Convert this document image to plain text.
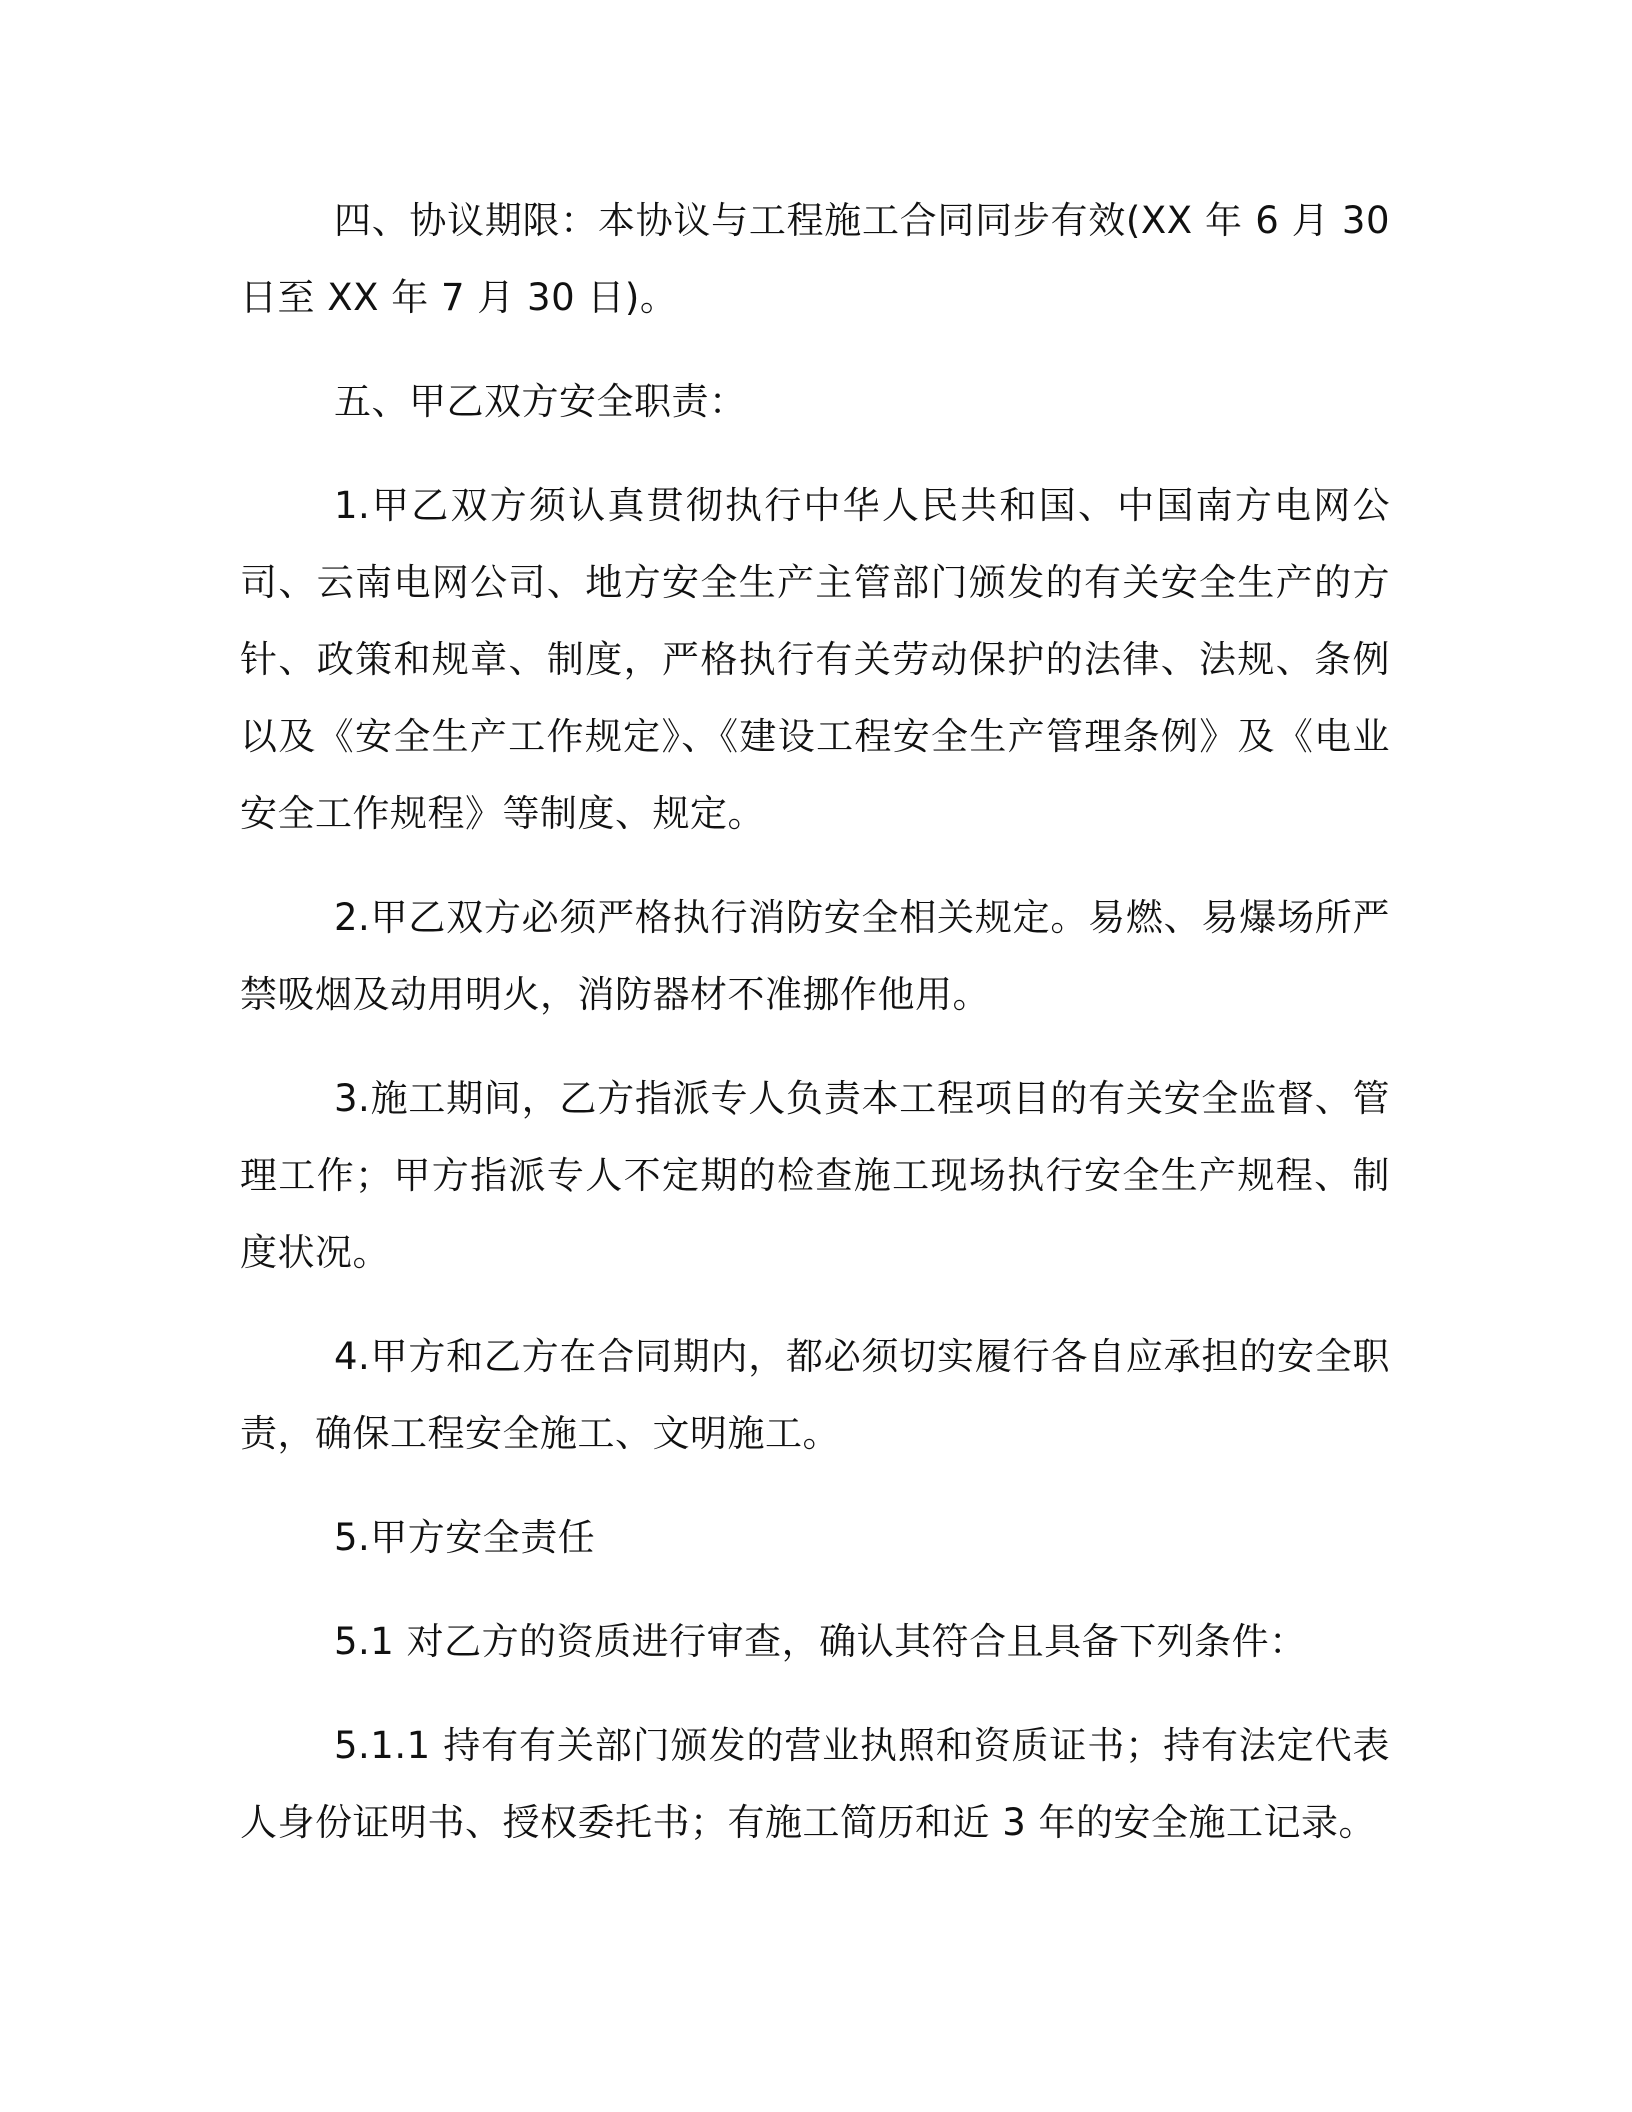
四、协议期限：本协议与工程施工合同同步有效(XX 年 6 月 30 日至 XX 年 7 月 30 日)。

五、甲乙双方安全职责：

1.甲乙双方须认真贯彻执行中华人民共和国、中国南方电网公司、云南电网公司、地方安全生产主管部门颁发的有关安全生产的方针、政策和规章、制度，严格执行有关劳动保护的法律、法规、条例以及《安全生产工作规定》、《建设工程安全生产管理条例》及《电业安全工作规程》等制度、规定。

2.甲乙双方必须严格执行消防安全相关规定。易燃、易爆场所严禁吸烟及动用明火，消防器材不准挪作他用。

3.施工期间，乙方指派专人负责本工程项目的有关安全监督、管理工作；甲方指派专人不定期的检查施工现场执行安全生产规程、制度状况。

4.甲方和乙方在合同期内，都必须切实履行各自应承担的安全职责，确保工程安全施工、文明施工。

5.甲方安全责任

5.1 对乙方的资质进行审查，确认其符合且具备下列条件：

5.1.1 持有有关部门颁发的营业执照和资质证书；持有法定代表人身份证明书、授权委托书；有施工简历和近 3 年的安全施工记录。
